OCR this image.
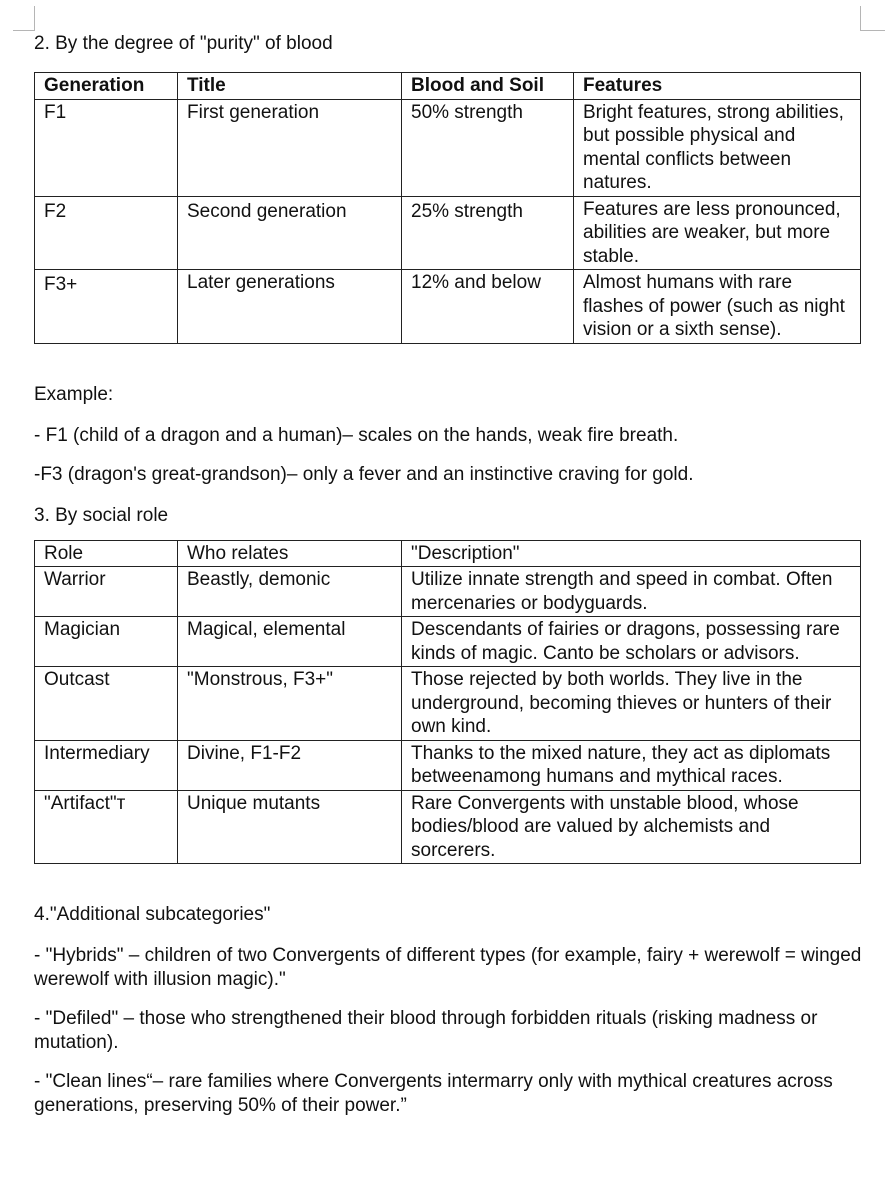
2. By the degree of "purity" of blood

Generation	Title	Blood and Soil	Features
F1	First generation	50% strength	Bright features, strong abilities, but possible physical and mental conflicts between natures.
F2	Second generation	25% strength	Features are less pronounced, abilities are weaker, but more stable.
F3+	Later generations	12% and below	Almost humans with rare flashes of power (such as night vision or a sixth sense).

Example:

- F1 (child of a dragon and a human)– scales on the hands, weak fire breath.

-F3 (dragon's great-grandson)– only a fever and an instinctive craving for gold.

3. By social role

Role	Who relates	"Description"
Warrior	Beastly, demonic	Utilize innate strength and speed in combat. Often mercenaries or bodyguards.
Magician	Magical, elemental	Descendants of fairies or dragons, possessing rare kinds of magic. Canto be scholars or advisors.
Outcast	"Monstrous, F3+"	Those rejected by both worlds. They live in the underground, becoming thieves or hunters of their own kind.
Intermediary	Divine, F1-F2	Thanks to the mixed nature, they act as diplomats betweenamong humans and mythical races.
"Artifact"т	Unique mutants	Rare Convergents with unstable blood, whose bodies/blood are valued by alchemists and sorcerers.

4."Additional subcategories"

- "Hybrids" – children of two Convergents of different types (for example, fairy + werewolf = winged werewolf with illusion magic)."

- "Defiled" – those who strengthened their blood through forbidden rituals (risking madness or mutation).

- "Clean lines“– rare families where Convergents intermarry only with mythical creatures across generations, preserving 50% of their power.”
